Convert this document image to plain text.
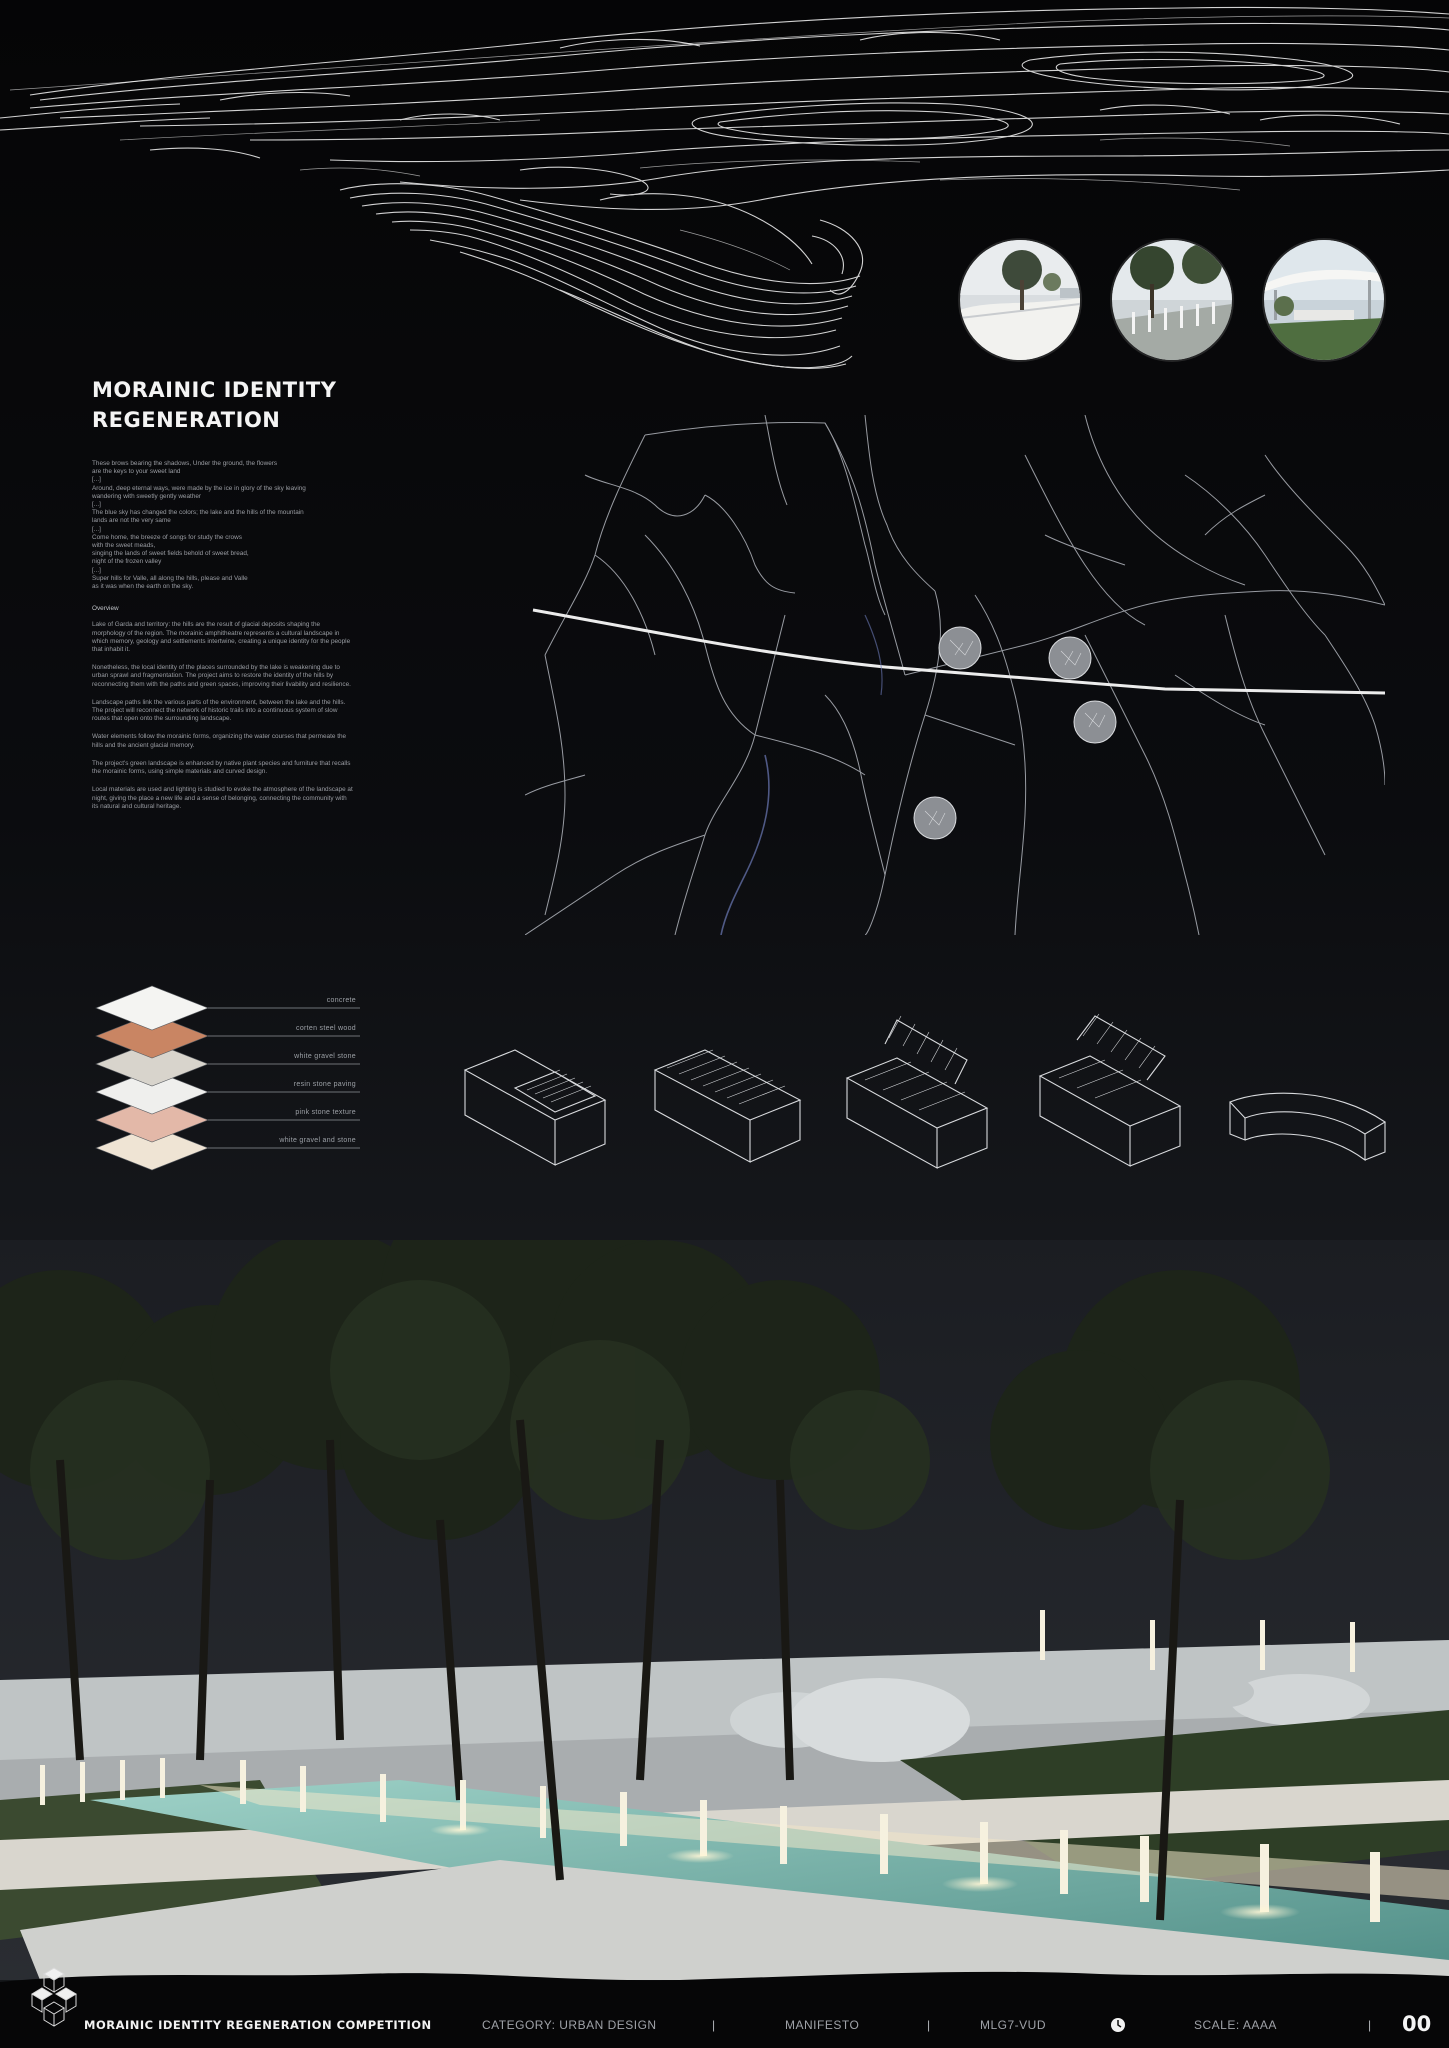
MORAINIC IDENTITY
REGENERATION

These brows bearing the shadows, Under the ground, the flowers
are the keys to your sweet land
[...]
Around, deep eternal ways, were made by the ice in glory of the sky leaving
wandering with sweetly gently weather
[...]
The blue sky has changed the colors; the lake and the hills of the mountain
lands are not the very same
[...]
Come home, the breeze of songs for study the crows
with the sweet meads,
singing the lands of sweet fields behold of sweet bread,
night of the frozen valley
[...]
Super hills for Valle, all along the hills, please and Valle
as it was when the earth on the sky.

Overview

Lake of Garda and territory: the hills are the result of glacial deposits shaping the morphology of the region. The morainic amphitheatre represents a cultural landscape in which memory, geology and settlements intertwine, creating a unique identity for the people that inhabit it.

Nonetheless, the local identity of the places surrounded by the lake is weakening due to urban sprawl and fragmentation. The project aims to restore the identity of the hills by reconnecting them with the paths and green spaces, improving their livability and resilience.

Landscape paths link the various parts of the environment, between the lake and the hills. The project will reconnect the network of historic trails into a continuous system of slow routes that open onto the surrounding landscape.

Water elements follow the morainic forms, organizing the water courses that permeate the hills and the ancient glacial memory.

The project's green landscape is enhanced by native plant species and furniture that recalls the morainic forms, using simple materials and curved design.

Local materials are used and lighting is studied to evoke the atmosphere of the landscape at night, giving the place a new life and a sense of belonging, connecting the community with its natural and cultural heritage.

concrete
corten steel wood
white gravel stone
resin stone paving
pink stone texture
white gravel and stone
MORAINIC IDENTITY REGENERATION COMPETITION	CATEGORY: URBAN DESIGN	|	MANIFESTO	|	MLG7-VUD	SCALE: AAAA	| 00
